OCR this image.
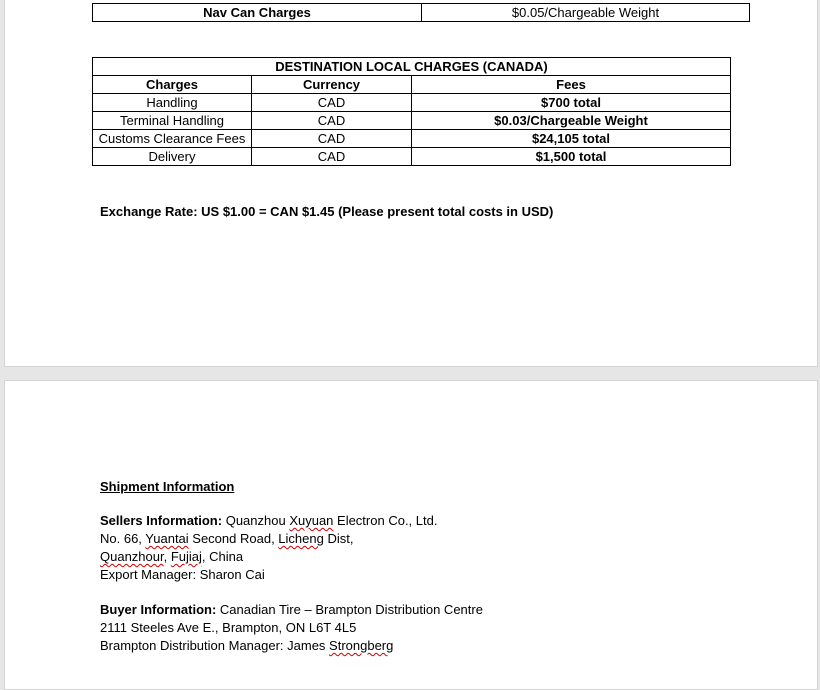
Nav Can Charges	$0.05/Chargeable Weight
DESTINATION LOCAL CHARGES (CANADA)		
Charges	Currency	Fees
Handling	CAD	$700 total
Terminal Handling	CAD	$0.03/Chargeable Weight
Customs Clearance Fees	CAD	$24,105 total
Delivery	CAD	$1,500 total
Exchange Rate: US $1.00 = CAN $1.45 (Please present total costs in USD)
Shipment Information
Sellers Information: Quanzhou Xuyuan Electron Co., Ltd.
No. 66, Yuantai Second Road, Licheng Dist,
Quanzhour, Fujiaj, China
Export Manager: Sharon Cai
Buyer Information: Canadian Tire – Brampton Distribution Centre
2111 Steeles Ave E., Brampton, ON L6T 4L5
Brampton Distribution Manager: James Strongberg
